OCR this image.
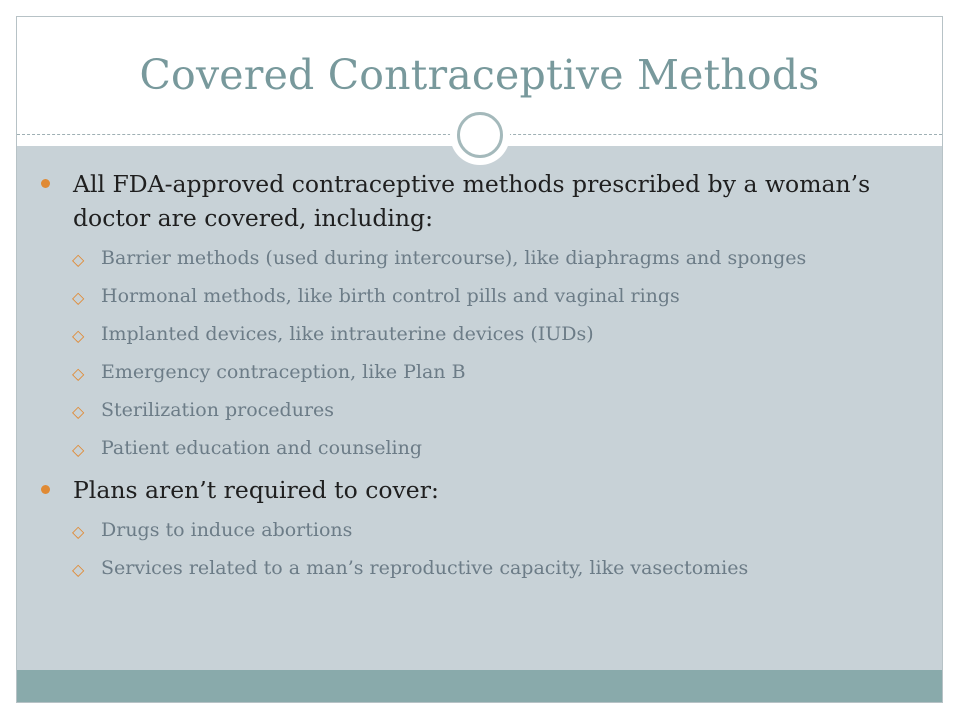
Covered Contraceptive Methods
All FDA-approved contraceptive methods prescribed by a woman’s doctor are covered, including:
◇ Barrier methods (used during intercourse), like diaphragms and sponges
◇ Hormonal methods, like birth control pills and vaginal rings
◇ Implanted devices, like intrauterine devices (IUDs)
◇ Emergency contraception, like Plan B
◇ Sterilization procedures
◇ Patient education and counseling
Plans aren’t required to cover:
◇ Drugs to induce abortions
◇ Services related to a man’s reproductive capacity, like vasectomies
